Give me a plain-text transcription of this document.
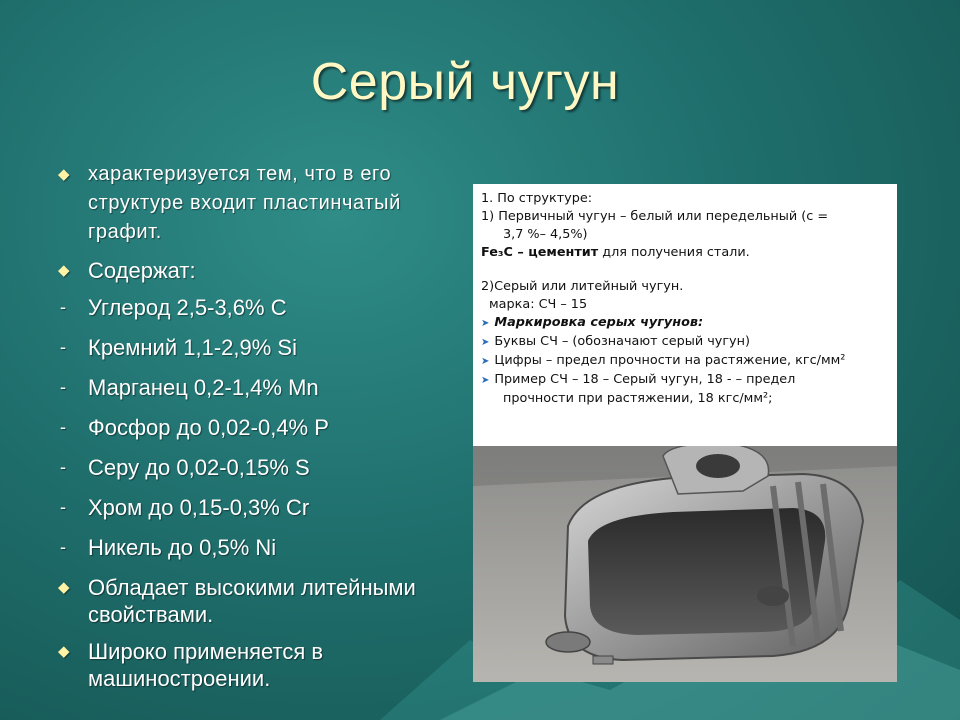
Серый чугун
◆ характеризуется тем, что в его структуре входит пластинчатый графит.
◆ Содержат:
- Углерод 2,5-3,6% С
- Кремний 1,1-2,9% Si
- Марганец 0,2-1,4% Mn
- Фосфор до 0,02-0,4% P
- Серу до 0,02-0,15% S
- Хром до 0,15-0,3% Cr
- Никель до 0,5% Ni
◆ Обладает высокими литейными свойствами.
◆ Широко применяется в машиностроении.
1. По структуре:
1) Первичный чугун – белый или передельный (с =
3,7 %– 4,5%)
Fe₃C – цементит для получения стали.
2)Серый или литейный чугун.
марка: СЧ – 15
➤ Маркировка серых чугунов:
➤ Буквы СЧ – (обозначают серый чугун)
➤ Цифры – предел прочности на растяжение, кгс/мм²
➤ Пример СЧ – 18 – Серый чугун, 18 - – предел
прочности при растяжении, 18 кгс/мм²;
